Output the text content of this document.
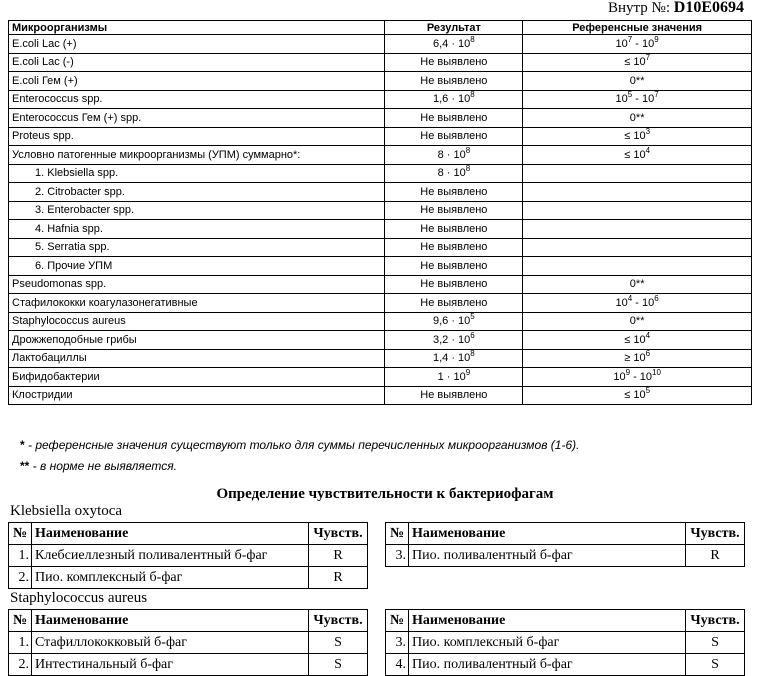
Внутр №: D10E0694
Микроорганизмы	Результат	Референсные значения
E.coli Lac (+)	$6,4 \cdot 10^8$	$10^7 - 10^9$
E.coli Lac (-)	Не выявлено	≤ $10^7$
E.coli Гем (+)	Не выявлено	0**
Enterococcus spp.	$1,6 \cdot 10^8$	$10^5 - 10^7$
Enterococcus Гем (+) spp.	Не выявлено	0**
Proteus spp.	Не выявлено	≤ $10^3$
Условно патогенные микроорганизмы (УПМ) суммарно*:	$8 \cdot 10^8$	≤ $10^4$
1. Klebsiella spp.	$8 \cdot 10^8$	
2. Citrobacter spp.	Не выявлено	
3. Enterobacter spp.	Не выявлено	
4. Hafnia spp.	Не выявлено	
5. Serratia spp.	Не выявлено	
6. Прочие УПМ	Не выявлено	
Pseudomonas spp.	Не выявлено	0**
Стафилококки коагулазонегативные	Не выявлено	$10^4 - 10^6$
Staphylococcus aureus	$9,6 \cdot 10^5$	0**
Дрожжеподобные грибы	$3,2 \cdot 10^6$	≤ $10^4$
Лактобациллы	$1,4 \cdot 10^8$	≥ $10^6$
Бифидобактерии	$1 \cdot 10^9$	$10^9 - 10^{10}$
Клостридии	Не выявлено	≤ $10^5$
* - референсные значения существуют только для суммы перечисленных микроорганизмов (1-6).
** - в норме не выявляется.
Определение чувствительности к бактериофагам
Klebsiella oxytoca
№	Наименование	Чувств.
1.	Клебсиеллезный поливалентный б-фаг	R
2.	Пио. комплексный б-фаг	R
№	Наименование	Чувств.
3.	Пио. поливалентный б-фаг	R
Staphylococcus aureus
№	Наименование	Чувств.
1.	Стафиллококковый б-фаг	S
2.	Интестинальный б-фаг	S
№	Наименование	Чувств.
3.	Пио. комплексный б-фаг	S
4.	Пио. поливалентный б-фаг	S
